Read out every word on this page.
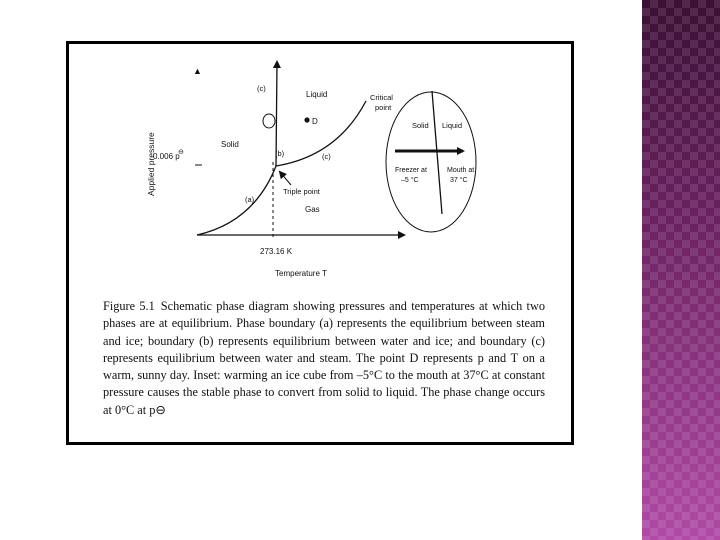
▲
0.006 p
⊖
273.16 K
Applied pressure
Temperature T
Triple point
Critical
point
Liquid
Solid
Gas
D
(c)
(b)	(c)
(a)
Solid Liquid
Freezer at
–5 °C
Mouth at
37 °C
Figure 5.1 Schematic phase diagram showing pressures and temperatures at which two phases are at equilibrium. Phase boundary (a) represents the equilibrium between steam and ice; boundary (b) represents equilibrium between water and ice; and boundary (c) represents equilibrium between water and steam. The point D represents p and T on a warm, sunny day. Inset: warming an ice cube from –5°C to the mouth at 37°C at constant pressure causes the stable phase to convert from solid to liquid. The phase change occurs at 0°C at p⊖
